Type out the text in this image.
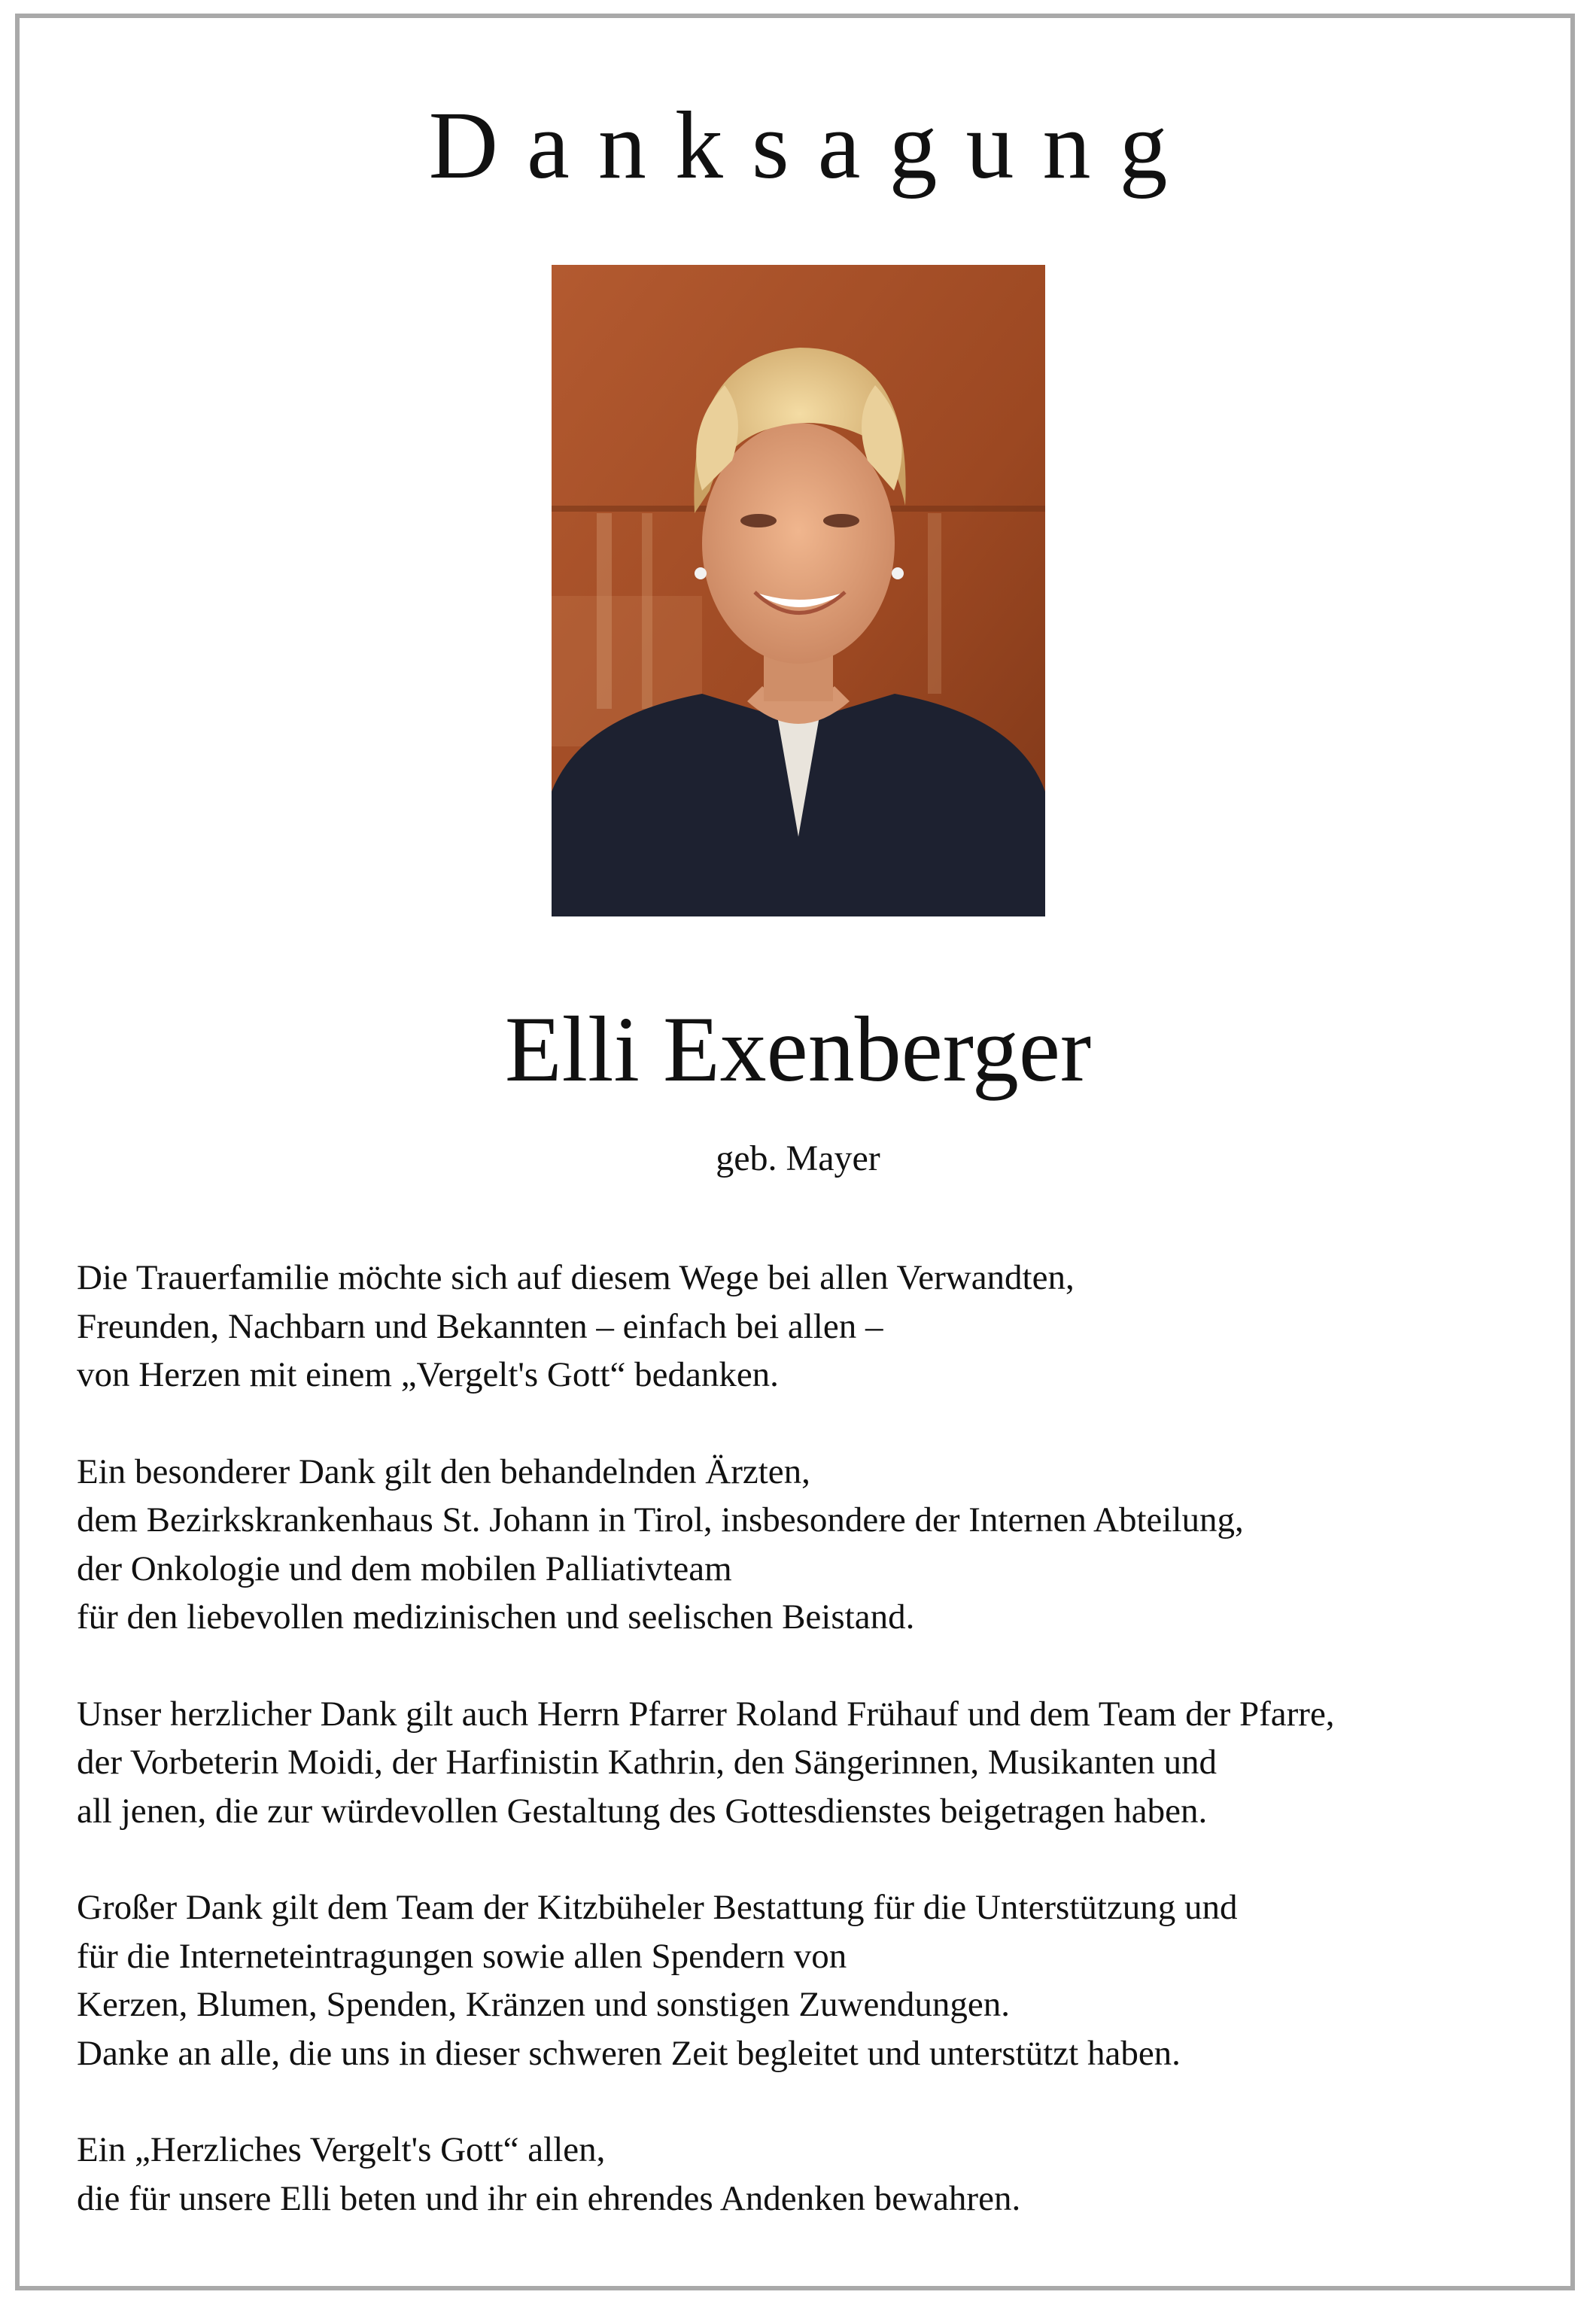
Danksagung
Elli Exenberger
geb. Mayer

Die Trauerfamilie möchte sich auf diesem Wege bei allen Verwandten,
Freunden, Nachbarn und Bekannten – einfach bei allen –
von Herzen mit einem „Vergelt's Gott“ bedanken.

Ein besonderer Dank gilt den behandelnden Ärzten,
dem Bezirkskrankenhaus St. Johann in Tirol, insbesondere der Internen Abteilung,
der Onkologie und dem mobilen Palliativteam
für den liebevollen medizinischen und seelischen Beistand.

Unser herzlicher Dank gilt auch Herrn Pfarrer Roland Frühauf und dem Team der Pfarre,
der Vorbeterin Moidi, der Harfinistin Kathrin, den Sängerinnen, Musikanten und
all jenen, die zur würdevollen Gestaltung des Gottesdienstes beigetragen haben.

Großer Dank gilt dem Team der Kitzbüheler Bestattung für die Unterstützung und
für die Interneteintragungen sowie allen Spendern von
Kerzen, Blumen, Spenden, Kränzen und sonstigen Zuwendungen.
Danke an alle, die uns in dieser schweren Zeit begleitet und unterstützt haben.

Ein „Herzliches Vergelt's Gott“ allen,
die für unsere Elli beten und ihr ein ehrendes Andenken bewahren.
